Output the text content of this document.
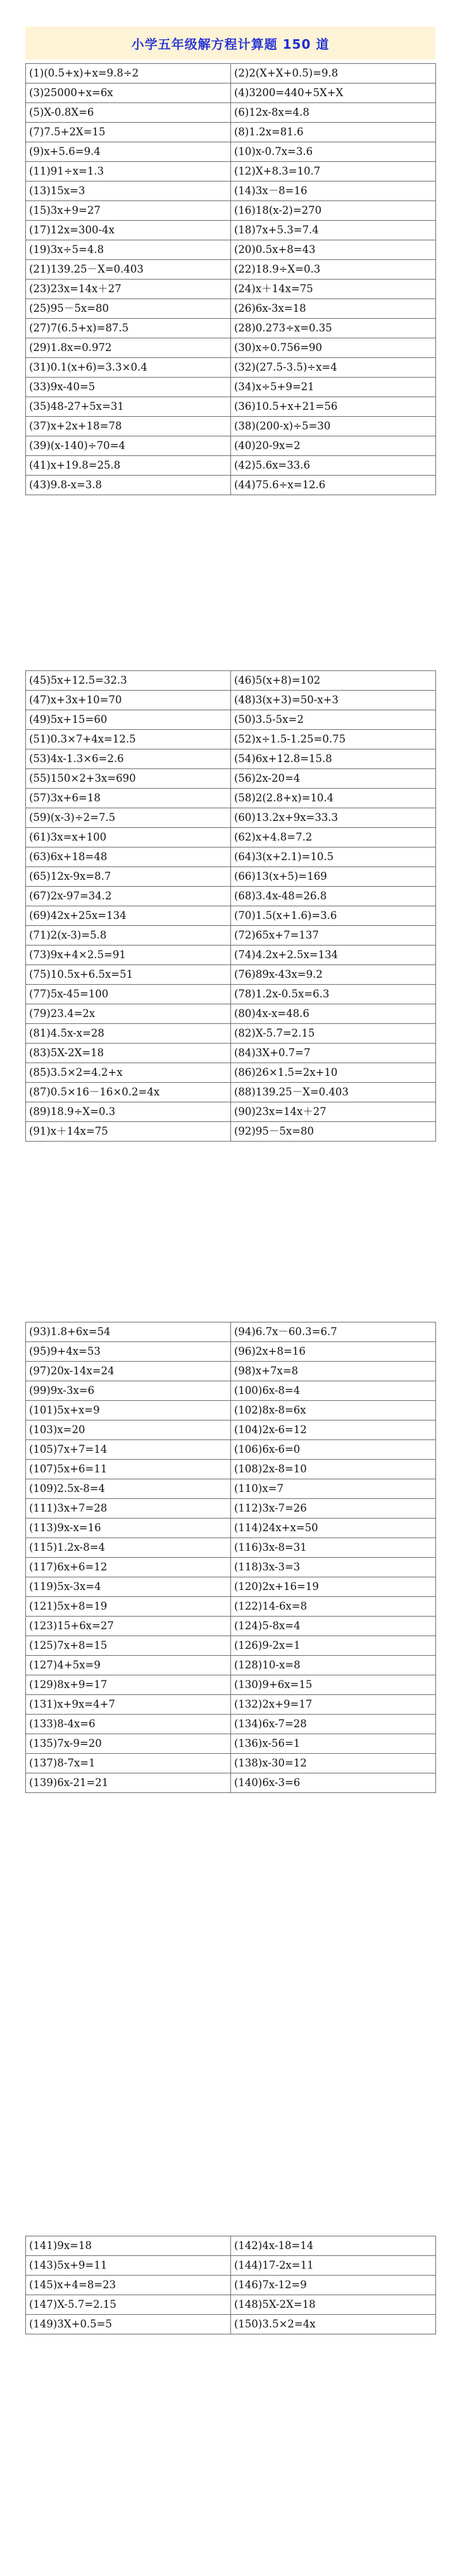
小学五年级解方程计算题 150 道
(1)(0.5+x)+x=9.8÷2	(2)2(X+X+0.5)=9.8
(3)25000+x=6x	(4)3200=440+5X+X
(5)X-0.8X=6	(6)12x-8x=4.8
(7)7.5+2X=15	(8)1.2x=81.6
(9)x+5.6=9.4	(10)x-0.7x=3.6
(11)91÷x=1.3	(12)X+8.3=10.7
(13)15x=3	(14)3x－8=16
(15)3x+9=27	(16)18(x-2)=270
(17)12x=300-4x	(18)7x+5.3=7.4
(19)3x÷5=4.8	(20)0.5x+8=43
(21)139.25－X=0.403	(22)18.9÷X=0.3
(23)23x=14x＋27	(24)x＋14x=75
(25)95－5x=80	(26)6x-3x=18
(27)7(6.5+x)=87.5	(28)0.273÷x=0.35
(29)1.8x=0.972	(30)x÷0.756=90
(31)0.1(x+6)=3.3×0.4	(32)(27.5-3.5)÷x=4
(33)9x-40=5	(34)x÷5+9=21
(35)48-27+5x=31	(36)10.5+x+21=56
(37)x+2x+18=78	(38)(200-x)÷5=30
(39)(x-140)÷70=4	(40)20-9x=2
(41)x+19.8=25.8	(42)5.6x=33.6
(43)9.8-x=3.8	(44)75.6÷x=12.6
(45)5x+12.5=32.3	(46)5(x+8)=102
(47)x+3x+10=70	(48)3(x+3)=50-x+3
(49)5x+15=60	(50)3.5-5x=2
(51)0.3×7+4x=12.5	(52)x÷1.5-1.25=0.75
(53)4x-1.3×6=2.6	(54)6x+12.8=15.8
(55)150×2+3x=690	(56)2x-20=4
(57)3x+6=18	(58)2(2.8+x)=10.4
(59)(x-3)÷2=7.5	(60)13.2x+9x=33.3
(61)3x=x+100	(62)x+4.8=7.2
(63)6x+18=48	(64)3(x+2.1)=10.5
(65)12x-9x=8.7	(66)13(x+5)=169
(67)2x-97=34.2	(68)3.4x-48=26.8
(69)42x+25x=134	(70)1.5(x+1.6)=3.6
(71)2(x-3)=5.8	(72)65x+7=137
(73)9x+4×2.5=91	(74)4.2x+2.5x=134
(75)10.5x+6.5x=51	(76)89x-43x=9.2
(77)5x-45=100	(78)1.2x-0.5x=6.3
(79)23.4=2x	(80)4x-x=48.6
(81)4.5x-x=28	(82)X-5.7=2.15
(83)5X-2X=18	(84)3X+0.7=7
(85)3.5×2=4.2+x	(86)26×1.5=2x+10
(87)0.5×16－16×0.2=4x	(88)139.25－X=0.403
(89)18.9÷X=0.3	(90)23x=14x＋27
(91)x＋14x=75	(92)95－5x=80
(93)1.8+6x=54	(94)6.7x－60.3=6.7
(95)9+4x=53	(96)2x+8=16
(97)20x-14x=24	(98)x+7x=8
(99)9x-3x=6	(100)6x-8=4
(101)5x+x=9	(102)8x-8=6x
(103)x=20	(104)2x-6=12
(105)7x+7=14	(106)6x-6=0
(107)5x+6=11	(108)2x-8=10
(109)2.5x-8=4	(110)x=7
(111)3x+7=28	(112)3x-7=26
(113)9x-x=16	(114)24x+x=50
(115)1.2x-8=4	(116)3x-8=31
(117)6x+6=12	(118)3x-3=3
(119)5x-3x=4	(120)2x+16=19
(121)5x+8=19	(122)14-6x=8
(123)15+6x=27	(124)5-8x=4
(125)7x+8=15	(126)9-2x=1
(127)4+5x=9	(128)10-x=8
(129)8x+9=17	(130)9+6x=15
(131)x+9x=4+7	(132)2x+9=17
(133)8-4x=6	(134)6x-7=28
(135)7x-9=20	(136)x-56=1
(137)8-7x=1	(138)x-30=12
(139)6x-21=21	(140)6x-3=6
(141)9x=18	(142)4x-18=14
(143)5x+9=11	(144)17-2x=11
(145)x+4=8=23	(146)7x-12=9
(147)X-5.7=2.15	(148)5X-2X=18
(149)3X+0.5=5	(150)3.5×2=4x
